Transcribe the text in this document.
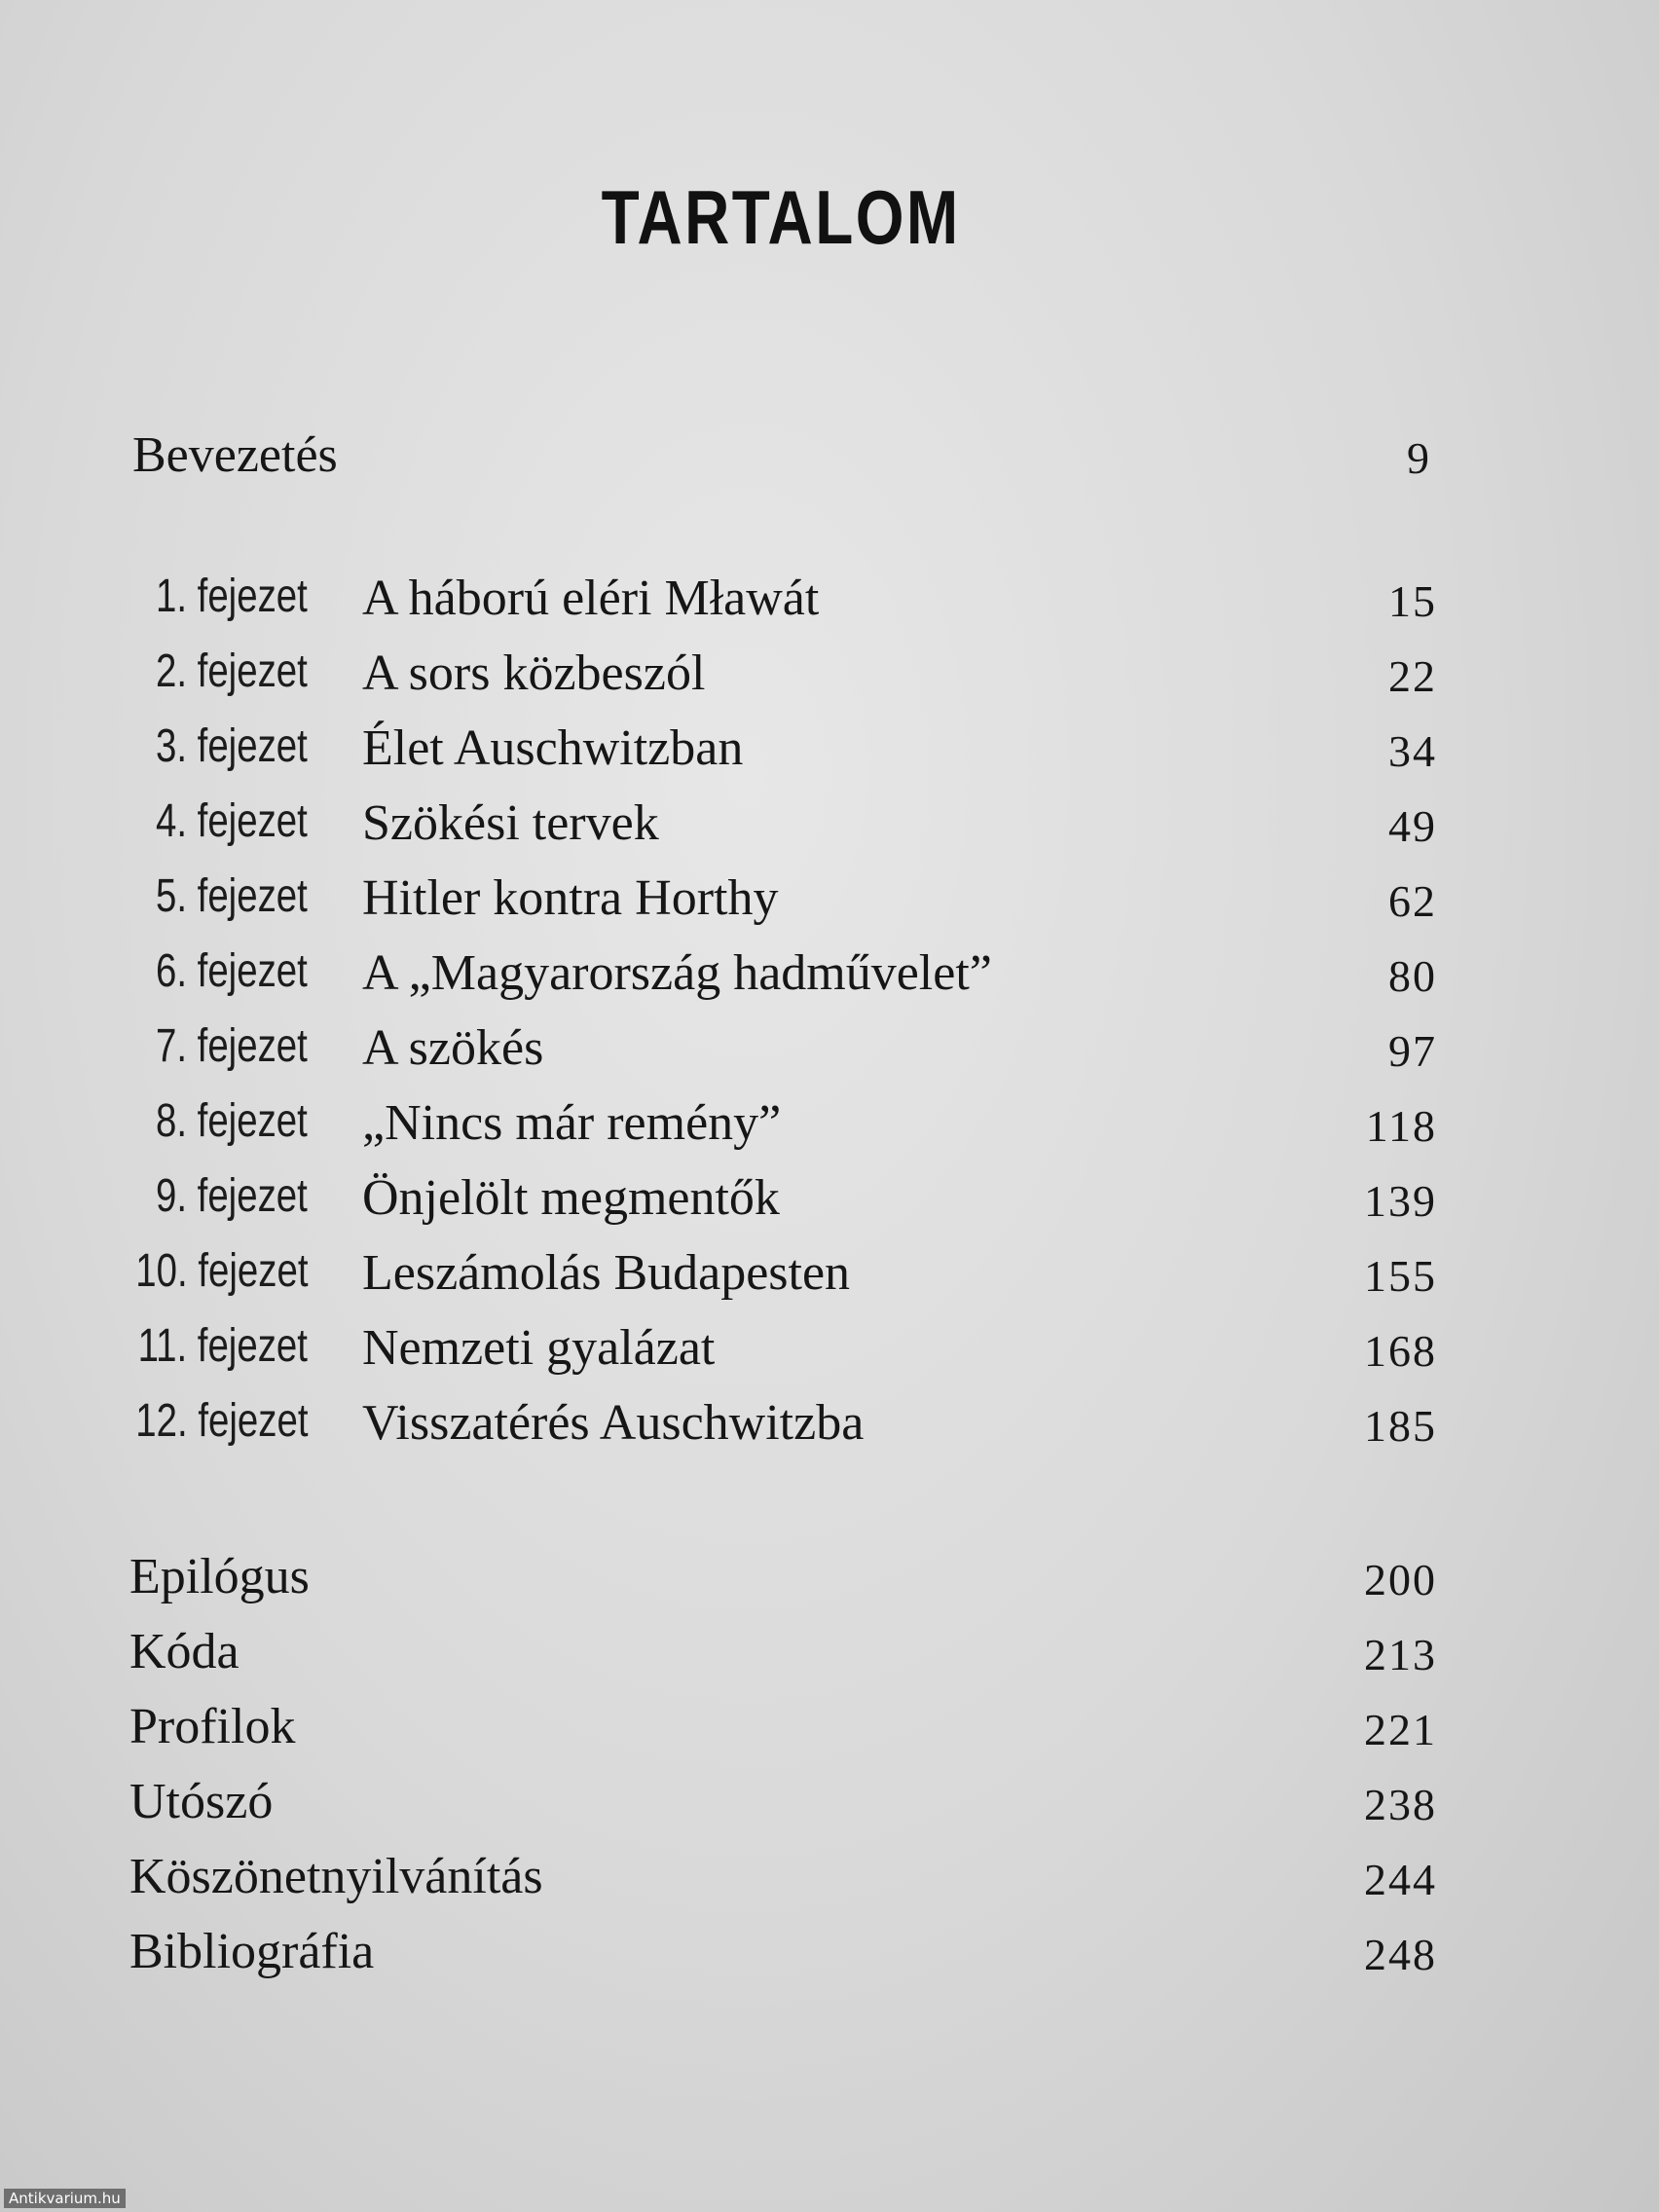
TARTALOM
Bevezetés	9
1. fejezet A háború eléri Mławát	15
2. fejezet A sors közbeszól	22
3. fejezet Élet Auschwitzban	34
4. fejezet Szökési tervek	49
5. fejezet Hitler kontra Horthy	62
6. fejezet A „Magyarország hadművelet”	80
7. fejezet A szökés	97
8. fejezet „Nincs már remény”	118
9. fejezet Önjelölt megmentők	139
10. fejezet Leszámolás Budapesten	155
11. fejezet Nemzeti gyalázat	168
12. fejezet Visszatérés Auschwitzba	185
Epilógus	200
Kóda	213
Profilok	221
Utószó	238
Köszönetnyilvánítás	244
Bibliográfia	248
Antikvarium.hu
